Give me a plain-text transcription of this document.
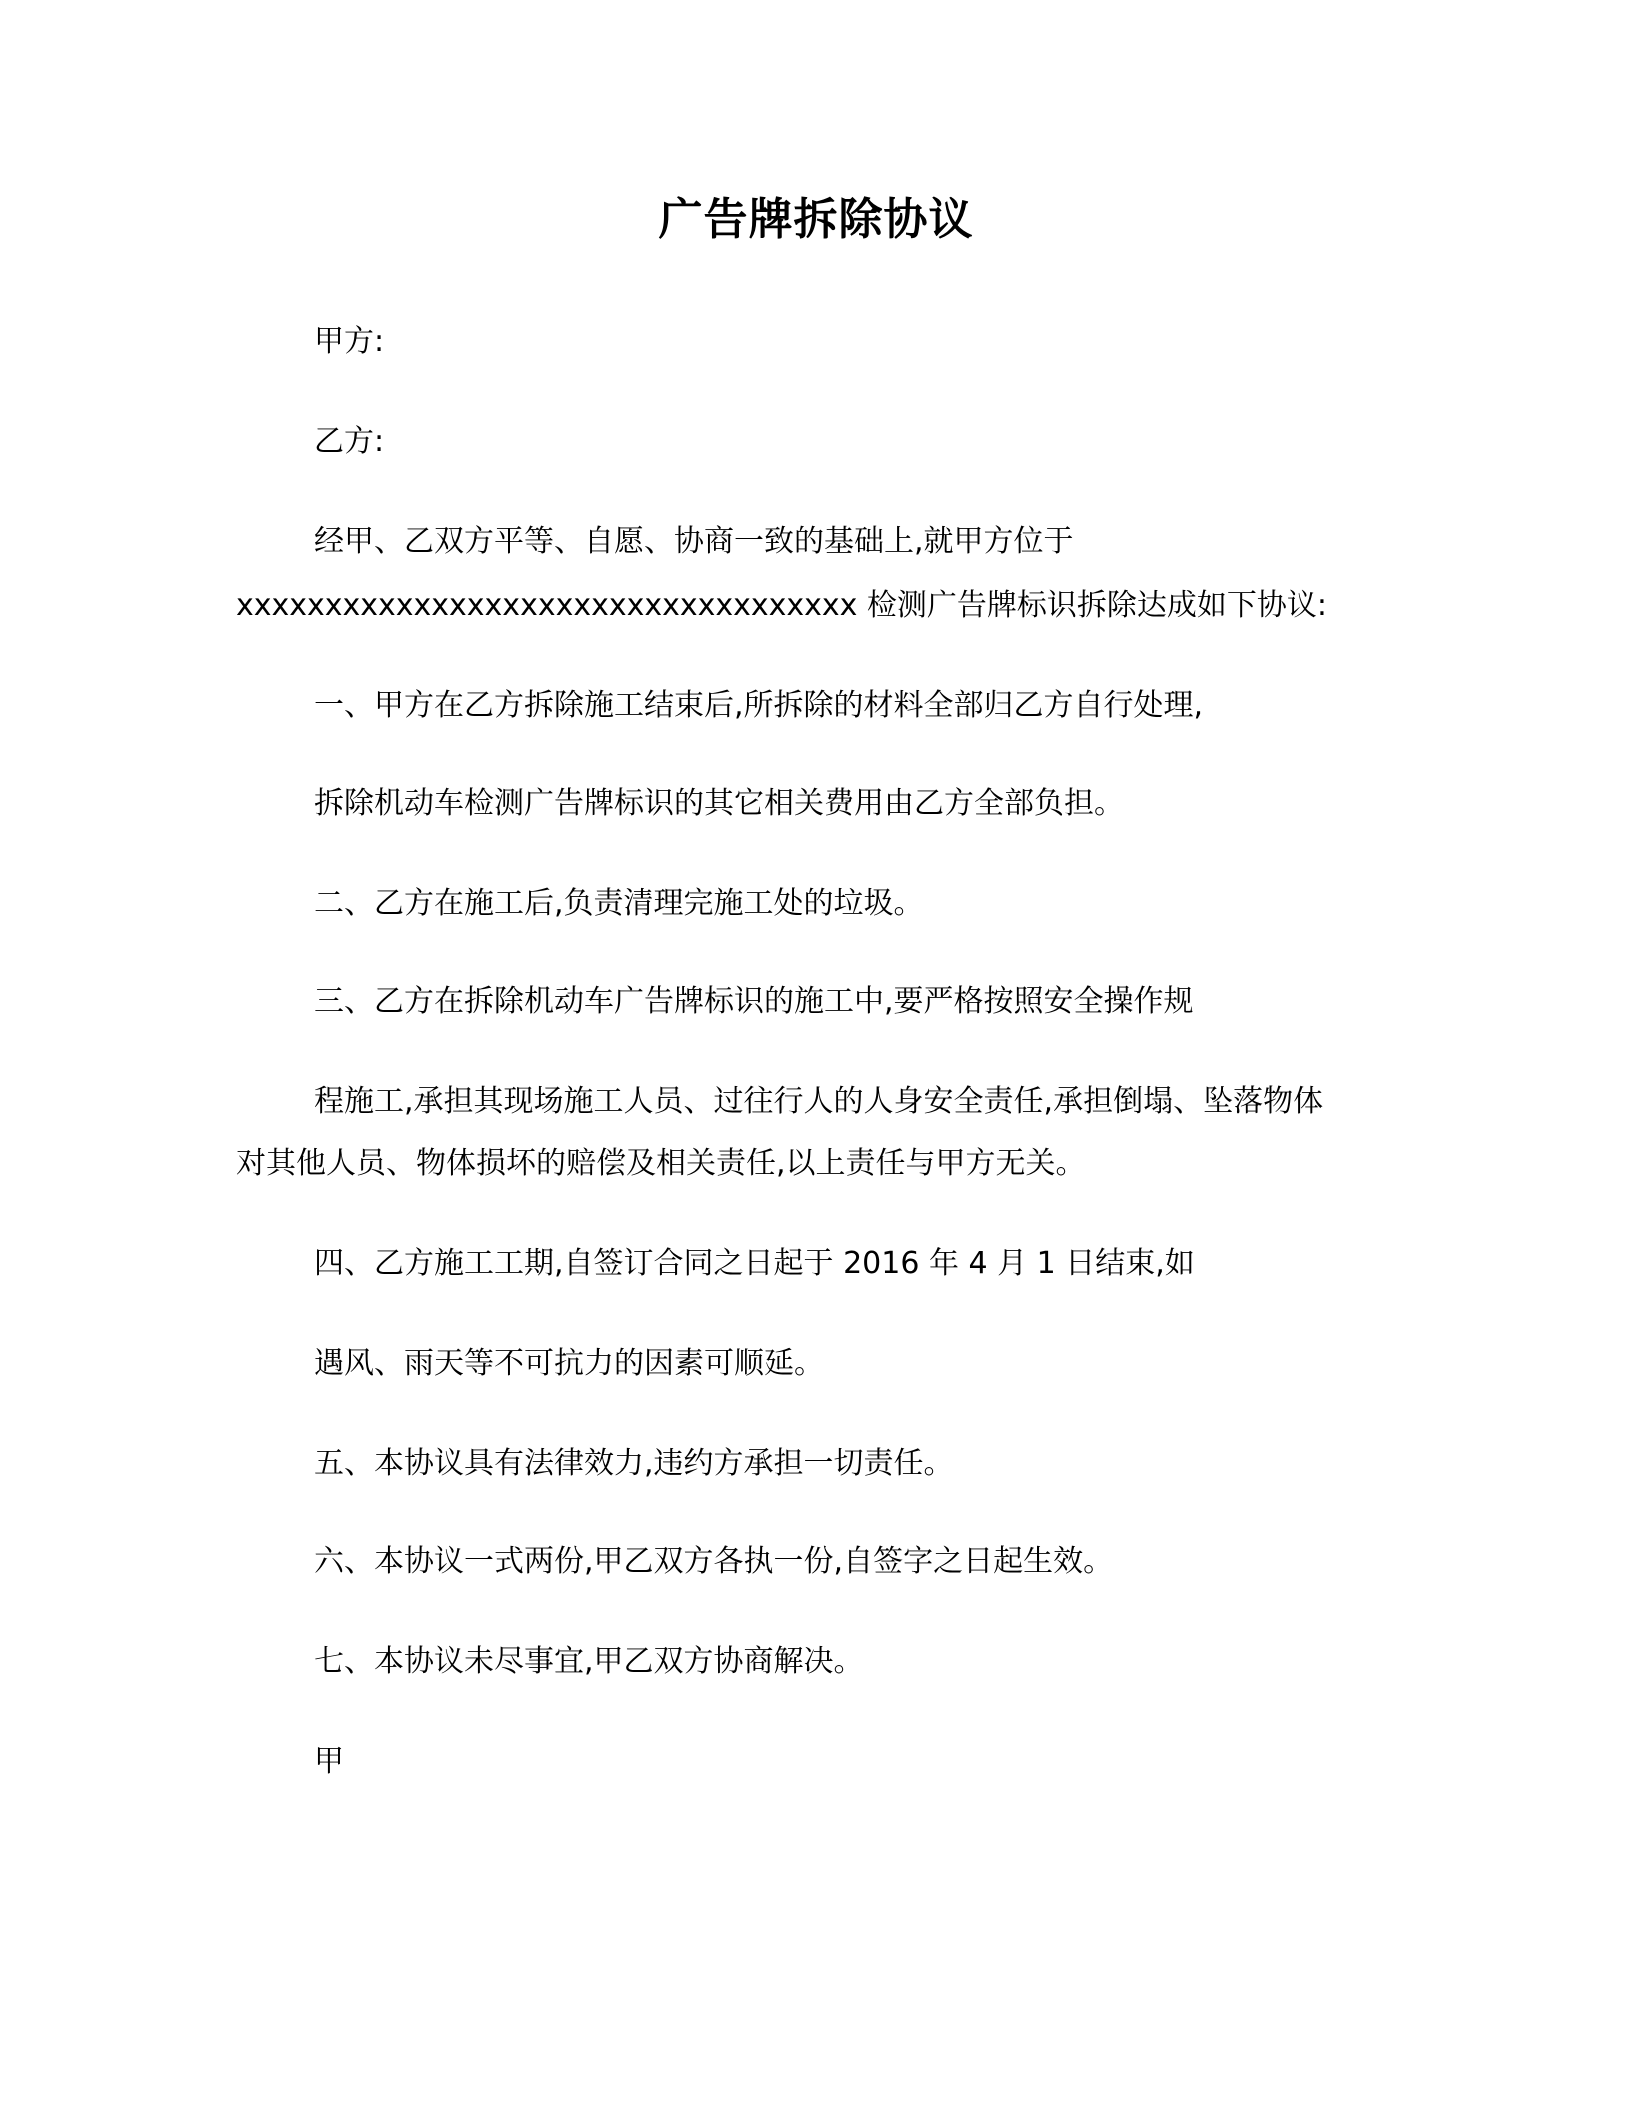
广告牌拆除协议
甲方:
乙方:
经甲、乙双方平等、自愿、协商一致的基础上,就甲方位于
xxxxxxxxxxxxxxxxxxxxxxxxxxxxxxxxxxx 检测广告牌标识拆除达成如下协议:
一、甲方在乙方拆除施工结束后,所拆除的材料全部归乙方自行处理,
拆除机动车检测广告牌标识的其它相关费用由乙方全部负担。
二、乙方在施工后,负责清理完施工处的垃圾。
三、乙方在拆除机动车广告牌标识的施工中,要严格按照安全操作规
程施工,承担其现场施工人员、过往行人的人身安全责任,承担倒塌、坠落物体
对其他人员、物体损坏的赔偿及相关责任,以上责任与甲方无关。
四、乙方施工工期,自签订合同之日起于 2016 年 4 月 1 日结束,如
遇风、雨天等不可抗力的因素可顺延。
五、本协议具有法律效力,违约方承担一切责任。
六、本协议一式两份,甲乙双方各执一份,自签字之日起生效。
七、本协议未尽事宜,甲乙双方协商解决。
甲
